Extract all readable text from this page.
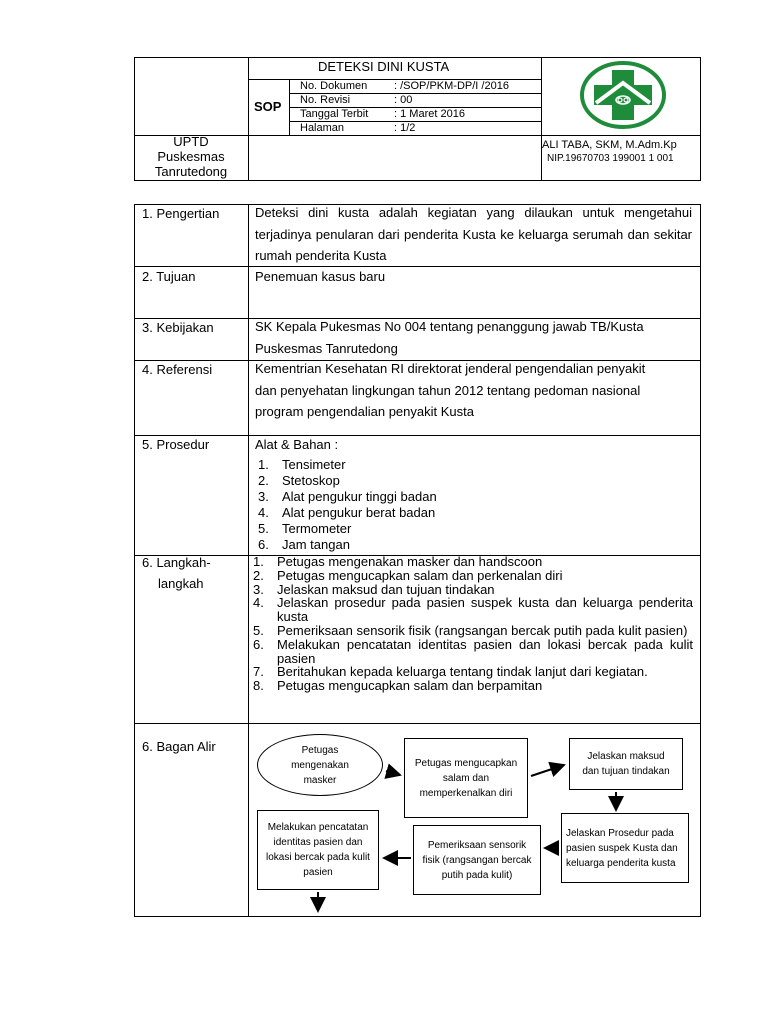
DETEKSI DINI KUSTA
SOP
No. Dokumen : /SOP/PKM-DP/I /2016
No. Revisi	: 00
Tanggal Terbit : 1 Maret 2016
Halaman	: 1/2
UPTD
Puskesmas
Tanrutedong
ALI TABA, SKM, M.Adm.Kp
NIP.19670703 199001 1 001
1. Pengertian	Deteksi dini kusta adalah kegiatan yang dilaukan untuk mengetahui terjadinya penularan dari penderita Kusta ke keluarga serumah dan sekitar rumah penderita Kusta
2. Tujuan	Penemuan kasus baru
3. Kebijakan	SK Kepala Pukesmas No 004 tentang penanggung jawab TB/Kusta Puskesmas Tanrutedong
4. Referensi	Kementrian Kesehatan RI direktorat jenderal pengendalian penyakit dan penyehatan lingkungan tahun 2012 tentang pedoman nasional program pengendalian penyakit Kusta
5. Prosedur	Alat & Bahan :
1. Tensimeter
2. Stetoskop
3. Alat pengukur tinggi badan
4. Alat pengukur berat badan
5. Termometer
6. Jam tangan
6. Langkah-
langkah
1. Petugas mengenakan masker dan handscoon
2. Petugas mengucapkan salam dan perkenalan diri
3. Jelaskan maksud dan tujuan tindakan
4. Jelaskan prosedur pada pasien suspek kusta dan keluarga penderita kusta
5. Pemeriksaan sensorik fisik (rangsangan bercak putih pada kulit pasien)
6. Melakukan pencatatan identitas pasien dan lokasi bercak pada kulit pasien
7. Beritahukan kepada keluarga tentang tindak lanjut dari kegiatan.
8. Petugas mengucapkan salam dan berpamitan
6. Bagan Alir	Petugas mengenakan masker
Petugas mengucapkan salam dan memperkenalkan diri
Jelaskan maksud dan tujuan tindakan
Jelaskan Prosedur pada pasien suspek Kusta dan keluarga penderita kusta
Pemeriksaan sensorik fisik (rangsangan bercak putih pada kulit)
Melakukan pencatatan identitas pasien dan lokasi bercak pada kulit pasien
